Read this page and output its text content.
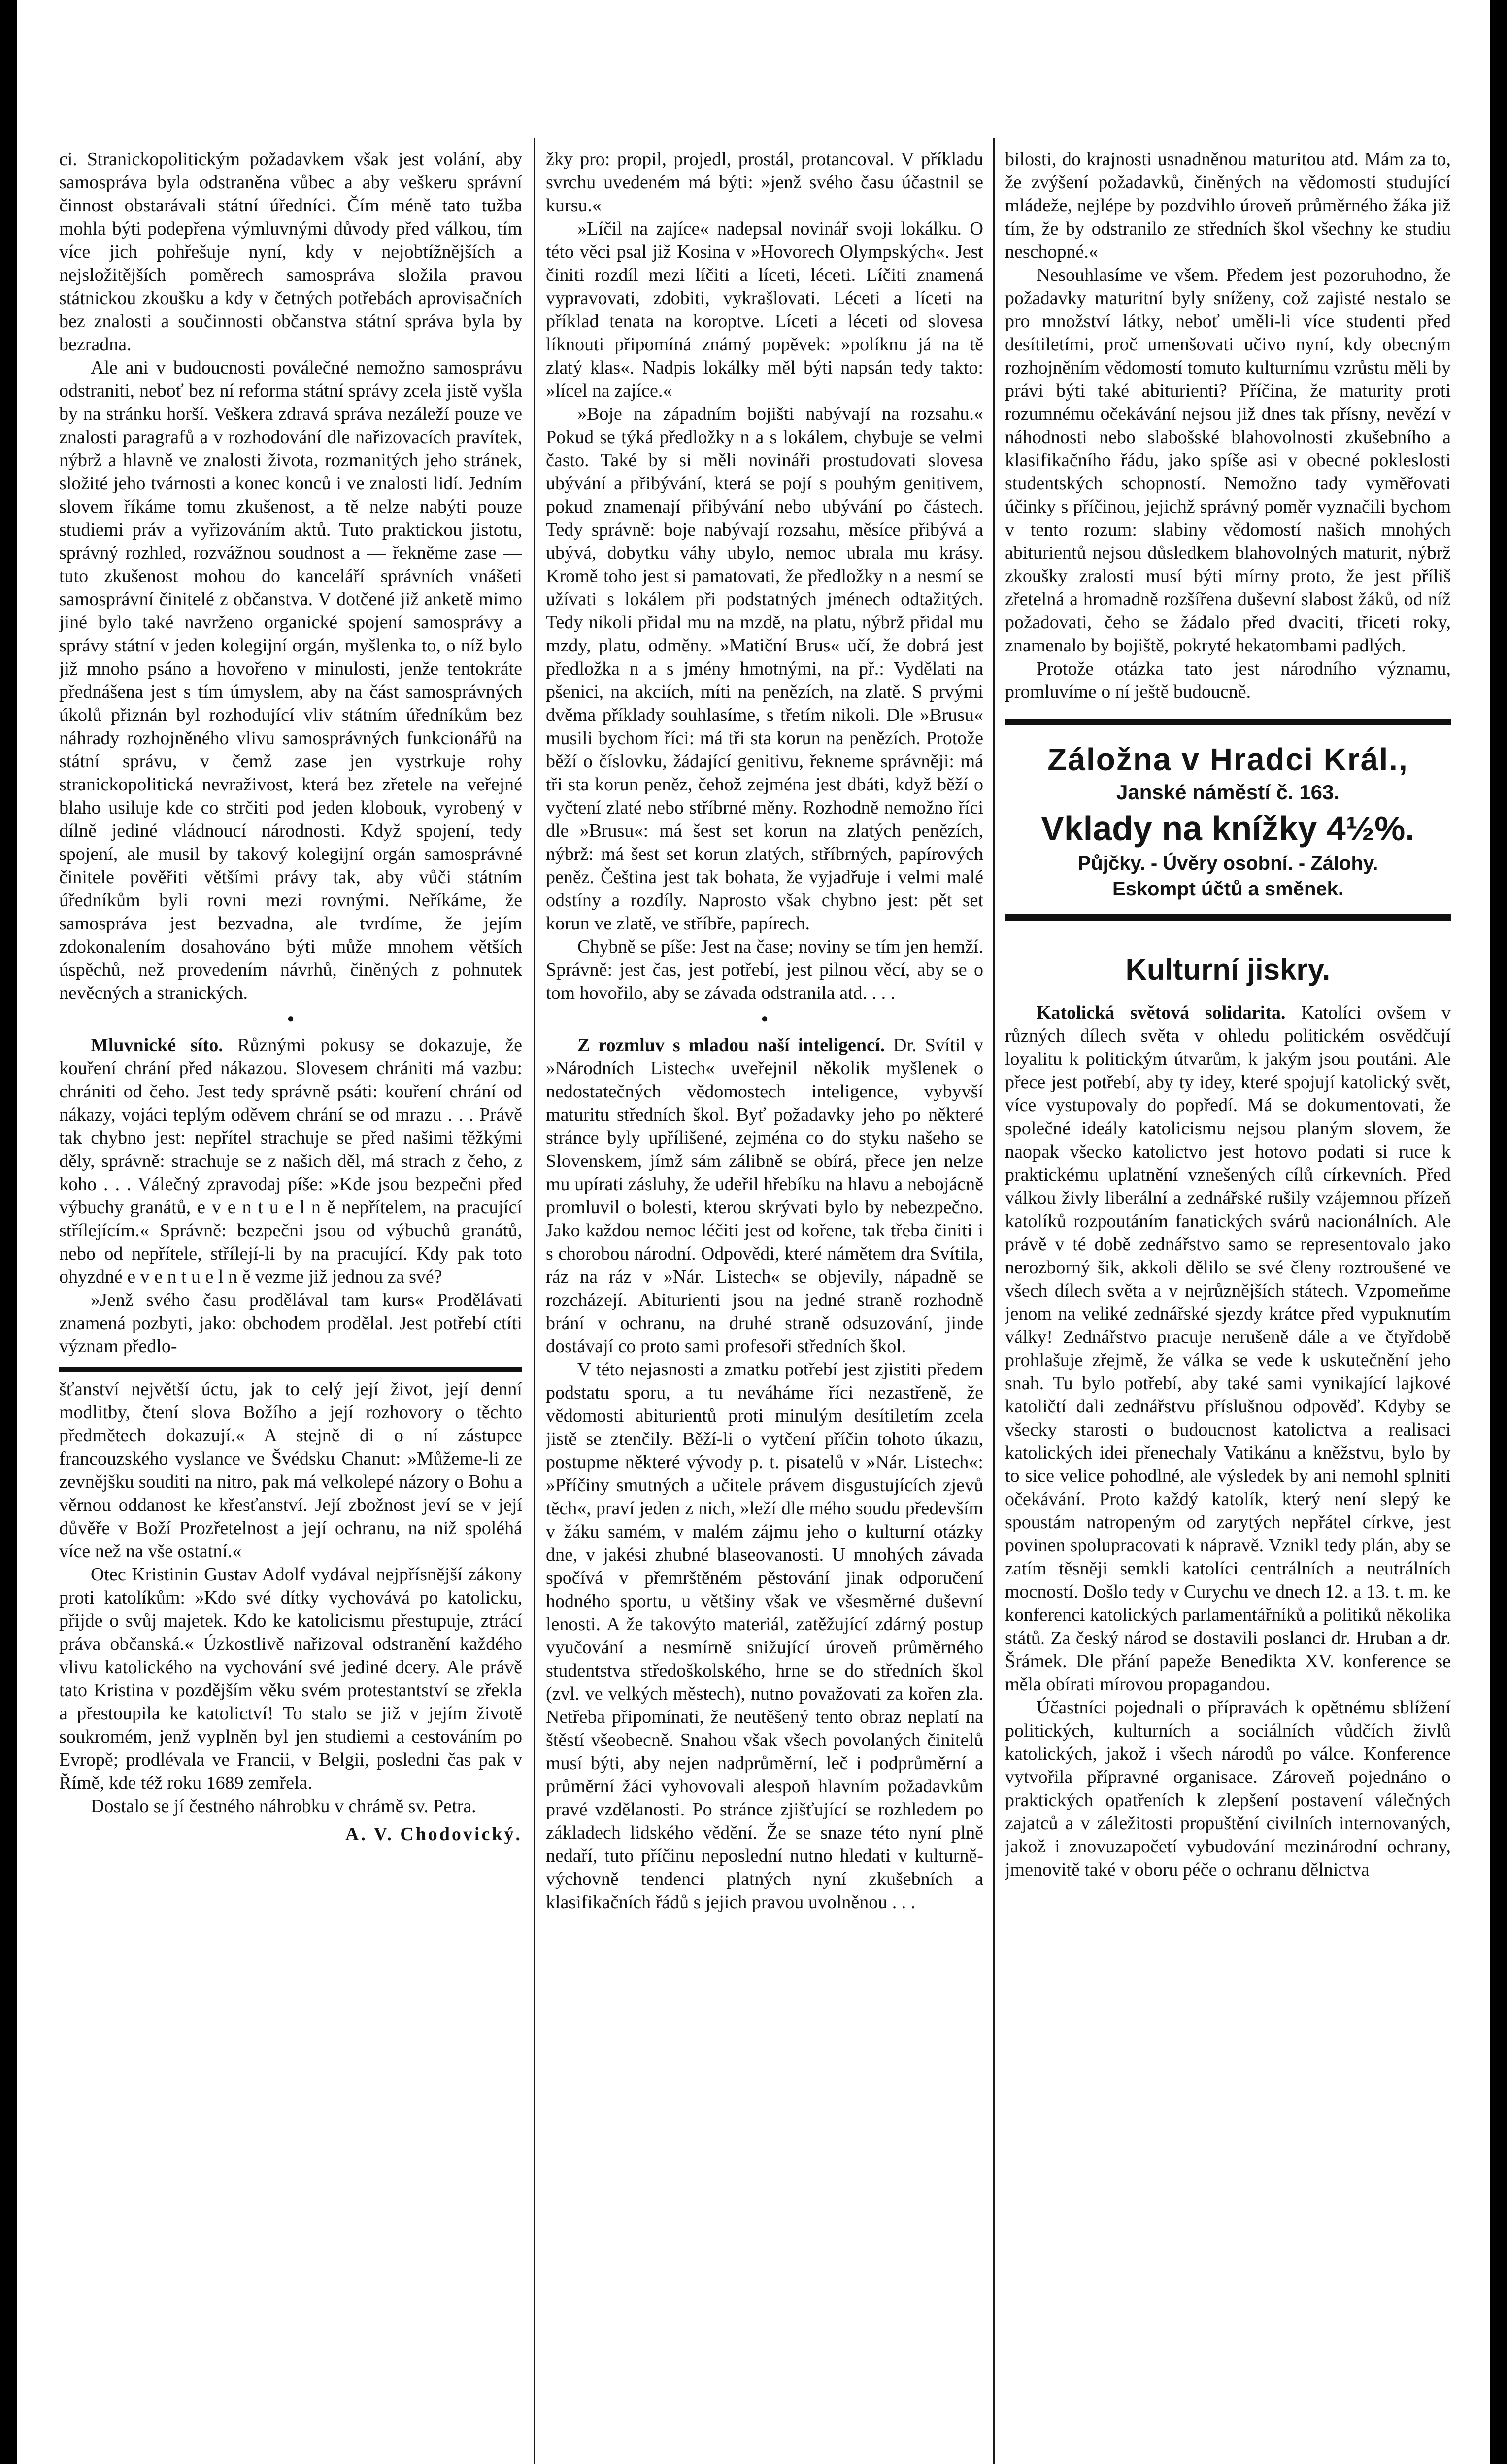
ci. Stranickopolitickým požadavkem však jest volání, aby samospráva byla odstraněna vůbec a aby veškeru správní činnost obstarávali státní úředníci. Čím méně tato tužba mohla býti podepřena výmluvnými důvody před válkou, tím více jich pohřešuje nyní, kdy v nejobtížnějších a nejsložitějších poměrech samospráva složila pravou státnickou zkoušku a kdy v četných potřebách aprovisačních bez znalosti a součinnosti občanstva státní správa byla by bezradna.

Ale ani v budoucnosti poválečné nemožno samosprávu odstraniti, neboť bez ní reforma státní správy zcela jistě vyšla by na stránku horší. Veškera zdravá správa nezáleží pouze ve znalosti paragrafů a v rozhodování dle nařizovacích pravítek, nýbrž a hlavně ve znalosti života, rozmanitých jeho stránek, složité jeho tvárnosti a konec konců i ve znalosti lidí. Jedním slovem říkáme tomu zkušenost, a tě nelze nabýti pouze studiemi práv a vyřizováním aktů. Tuto praktickou jistotu, správný rozhled, rozvážnou soudnost a — řekněme zase — tuto zkušenost mohou do kanceláří správních vnášeti samosprávní činitelé z občanstva. V dotčené již anketě mimo jiné bylo také navrženo organické spojení samosprávy a správy státní v jeden kolegijní orgán, myšlenka to, o níž bylo již mnoho psáno a hovořeno v minulosti, jenže tentokráte přednášena jest s tím úmyslem, aby na část samosprávných úkolů přiznán byl rozhodující vliv státním úředníkům bez náhrady rozhojněného vlivu samosprávných funkcionářů na státní správu, v čemž zase jen vystrkuje rohy stranickopolitická nevraživost, která bez zřetele na veřejné blaho usiluje kde co strčiti pod jeden klobouk, vyrobený v dílně jediné vládnoucí národnosti. Když spojení, tedy spojení, ale musil by takový kolegijní orgán samosprávné činitele pověřiti většími právy tak, aby vůči státním úředníkům byli rovni mezi rovnými. Neříkáme, že samospráva jest bezvadna, ale tvrdíme, že jejím zdokonalením dosahováno býti může mnohem větších úspěchů, než provedením návrhů, činěných z pohnutek nevěcných a stranických.

•

Mluvnické síto. Různými pokusy se dokazuje, že kouření chrání před nákazou. Slovesem chrániti má vazbu: chrániti od čeho. Jest tedy správně psáti: kouření chrání od nákazy, vojáci teplým oděvem chrání se od mrazu . . . Právě tak chybno jest: nepřítel strachuje se před našimi těžkými děly, správně: strachuje se z našich děl, má strach z čeho, z koho . . . Válečný zpravodaj píše: »Kde jsou bezpečni před výbuchy granátů, e v e n t u e l n ě nepřítelem, na pracující střílejícím.« Správně: bezpečni jsou od výbuchů granátů, nebo od nepřítele, střílejí-li by na pracující. Kdy pak toto ohyzdné e v e n t u e l n ě vezme již jednou za své?

»Jenž svého času prodělával tam kurs« Prodělávati znamená pozbyti, jako: obchodem prodělal. Jest potřebí ctíti význam předlo-

šťanství největší úctu, jak to celý její život, její denní modlitby, čtení slova Božího a její rozhovory o těchto předmětech dokazují.« A stejně di o ní zástupce francouzského vyslance ve Švédsku Chanut: »Můžeme-li ze zevnějšku souditi na nitro, pak má velkolepé názory o Bohu a věrnou oddanost ke křesťanství. Její zbožnost jeví se v její důvěře v Boží Prozřetelnost a její ochranu, na niž spoléhá více než na vše ostatní.«

Otec Kristinin Gustav Adolf vydával nejpřísnější zákony proti katolíkům: »Kdo své dítky vychovává po katolicku, přijde o svůj majetek. Kdo ke katolicismu přestupuje, ztrácí práva občanská.« Úzkostlivě nařizoval odstranění každého vlivu katolického na vychování své jediné dcery. Ale právě tato Kristina v pozdějším věku svém protestantství se zřekla a přestoupila ke katolictví! To stalo se již v jejím životě soukromém, jenž vyplněn byl jen studiemi a cestováním po Evropě; prodlévala ve Francii, v Belgii, posledni čas pak v Římě, kde též roku 1689 zemřela.

Dostalo se jí čestného náhrobku v chrámě sv. Petra.

A. V. Chodovický.

žky pro: propil, projedl, prostál, protancoval. V příkladu svrchu uvedeném má býti: »jenž svého času účastnil se kursu.«

»Líčil na zajíce« nadepsal novinář svoji lokálku. O této věci psal již Kosina v »Hovorech Olympských«. Jest činiti rozdíl mezi líčiti a líceti, léceti. Líčiti znamená vypravovati, zdobiti, vykrašlovati. Léceti a líceti na příklad tenata na koroptve. Líceti a léceti od slovesa líknouti připomíná známý popěvek: »políknu já na tě zlatý klas«. Nadpis lokálky měl býti napsán tedy takto: »lícel na zajíce.«

»Boje na západním bojišti nabývají na rozsahu.« Pokud se týká předložky n a s lokálem, chybuje se velmi často. Také by si měli novináři prostudovati slovesa ubývání a přibývání, která se pojí s pouhým genitivem, pokud znamenají přibývání nebo ubývání po částech. Tedy správně: boje nabývají rozsahu, měsíce přibývá a ubývá, dobytku váhy ubylo, nemoc ubrala mu krásy. Kromě toho jest si pamatovati, že předložky n a nesmí se užívati s lokálem při podstatných jménech odtažitých. Tedy nikoli přidal mu na mzdě, na platu, nýbrž přidal mu mzdy, platu, odměny. »Matiční Brus« učí, že dobrá jest předložka n a s jmény hmotnými, na př.: Vydělati na pšenici, na akciích, míti na penězích, na zlatě. S prvými dvěma příklady souhlasíme, s třetím nikoli. Dle »Brusu« musili bychom říci: má tři sta korun na penězích. Protože běží o číslovku, žádající genitivu, řekneme správněji: má tři sta korun peněz, čehož zejména jest dbáti, když běží o vyčtení zlaté nebo stříbrné měny. Rozhodně nemožno říci dle »Brusu«: má šest set korun na zlatých penězích, nýbrž: má šest set korun zlatých, stříbrných, papírových peněz. Čeština jest tak bohata, že vyjadřuje i velmi malé odstíny a rozdíly. Naprosto však chybno jest: pět set korun ve zlatě, ve stříbře, papírech.

Chybně se píše: Jest na čase; noviny se tím jen hemží. Správně: jest čas, jest potřebí, jest pilnou věcí, aby se o tom hovořilo, aby se závada odstranila atd. . . .

•

Z rozmluv s mladou naší inteligencí. Dr. Svítil v »Národních Listech« uveřejnil několik myšlenek o nedostatečných vědomostech inteligence, vybyvší maturitu středních škol. Byť požadavky jeho po některé stránce byly upřílišené, zejména co do styku našeho se Slovenskem, jímž sám zálibně se obírá, přece jen nelze mu upírati zásluhy, že udeřil hřebíku na hlavu a nebojácně promluvil o bolesti, kterou skrývati bylo by nebezpečno. Jako každou nemoc léčiti jest od kořene, tak třeba činiti i s chorobou národní. Odpovědi, které námětem dra Svítila, ráz na ráz v »Nár. Listech« se objevily, nápadně se rozcházejí. Abiturienti jsou na jedné straně rozhodně brání v ochranu, na druhé straně odsuzování, jinde dostávají co proto sami profesoři středních škol.

V této nejasnosti a zmatku potřebí jest zjistiti předem podstatu sporu, a tu neváháme říci nezastřeně, že vědomosti abiturientů proti minulým desítiletím zcela jistě se ztenčily. Běží-li o vytčení příčin tohoto úkazu, postupme některé vývody p. t. pisatelů v »Nár. Listech«: »Příčiny smutných a učitele právem disgustujících zjevů těch«, praví jeden z nich, »leží dle mého soudu především v žáku samém, v malém zájmu jeho o kulturní otázky dne, v jakési zhubné blaseovanosti. U mnohých závada spočívá v přemrštěném pěstování jinak odporučení hodného sportu, u většiny však ve všesměrné duševní lenosti. A že takovýto materiál, zatěžující zdárný postup vyučování a nesmírně snižující úroveň průměrného studentstva středoškolského, hrne se do středních škol (zvl. ve velkých městech), nutno považovati za kořen zla. Netřeba připomínati, že neutěšený tento obraz neplatí na štěstí všeobecně. Snahou však všech povolaných činitelů musí býti, aby nejen nadprůměrní, leč i podprůměrní a průměrní žáci vyhovovali alespoň hlavním požadavkům pravé vzdělanosti. Po stránce zjišťující se rozhledem po základech lidského vědění. Že se snaze této nyní plně nedaří, tuto příčinu neposlední nutno hledati v kulturně-výchovně tendenci platných nyní zkušebních a klasifikačních řádů s jejich pravou uvolněnou . . .

bilosti, do krajnosti usnadněnou maturitou atd. Mám za to, že zvýšení požadavků, činěných na vědomosti studující mládeže, nejlépe by pozdvihlo úroveň průměrného žáka již tím, že by odstranilo ze středních škol všechny ke studiu neschopné.«

Nesouhlasíme ve všem. Předem jest pozoruhodno, že požadavky maturitní byly sníženy, což zajisté nestalo se pro množství látky, neboť uměli-li více studenti před desítiletími, proč umenšovati učivo nyní, kdy obecným rozhojněním vědomostí tomuto kulturnímu vzrůstu měli by právi býti také abiturienti? Příčina, že maturity proti rozumnému očekávání nejsou již dnes tak přísny, nevězí v náhodnosti nebo slabošské blahovolnosti zkušebního a klasifikačního řádu, jako spíše asi v obecné pokleslosti studentských schopností. Nemožno tady vyměřovati účinky s příčinou, jejichž správný poměr vyznačili bychom v tento rozum: slabiny vědomostí našich mnohých abiturientů nejsou důsledkem blahovolných maturit, nýbrž zkoušky zralosti musí býti mírny proto, že jest příliš zřetelná a hromadně rozšířena duševní slabost žáků, od níž požadovati, čeho se žádalo před dvaciti, třiceti roky, znamenalo by bojiště, pokryté hekatombami padlých.

Protože otázka tato jest národního významu, promluvíme o ní ještě budoucně.

Záložna v Hradci Král.,
Janské náměstí č. 163.
Vklady na knížky 4½%.
Půjčky. - Úvěry osobní. - Zálohy.
Eskompt účtů a směnek.
Kulturní jiskry.

Katolická světová solidarita. Katolíci ovšem v různých dílech světa v ohledu politickém osvědčují loyalitu k politickým útvarům, k jakým jsou poutáni. Ale přece jest potřebí, aby ty idey, které spojují katolický svět, více vystupovaly do popředí. Má se dokumentovati, že společné ideály katolicismu nejsou planým slovem, že naopak všecko katolictvo jest hotovo podati si ruce k praktickému uplatnění vznešených cílů církevních. Před válkou živly liberální a zednářské rušily vzájemnou přízeň katolíků rozpoutáním fanatických svárů nacionálních. Ale právě v té době zednářstvo samo se representovalo jako nerozborný šik, akkoli dělilo se své členy roztroušené ve všech dílech světa a v nejrůznějších státech. Vzpomeňme jenom na veliké zednářské sjezdy krátce před vypuknutím války! Zednářstvo pracuje nerušeně dále a ve čtyřdobě prohlašuje zřejmě, že válka se vede k uskutečnění jeho snah. Tu bylo potřebí, aby také sami vynikající lajkové katoličtí dali zednářstvu příslušnou odpověď. Kdyby se všecky starosti o budoucnost katolictva a realisaci katolických idei přenechaly Vatikánu a kněžstvu, bylo by to sice velice pohodlné, ale výsledek by ani nemohl splniti očekávání. Proto každý katolík, který není slepý ke spoustám natropeným od zarytých nepřátel církve, jest povinen spolupracovati k nápravě. Vznikl tedy plán, aby se zatím těsněji semkli katolíci centrálních a neutrálních mocností. Došlo tedy v Curychu ve dnech 12. a 13. t. m. ke konferenci katolických parlamentářníků a politiků několika států. Za český národ se dostavili poslanci dr. Hruban a dr. Šrámek. Dle přání papeže Benedikta XV. konference se měla obírati mírovou propagandou.

Účastníci pojednali o přípravách k opětnému sblížení politických, kulturních a sociálních vůdčích živlů katolických, jakož i všech národů po válce. Konference vytvořila přípravné organisace. Zároveň pojednáno o praktických opatřeních k zlepšení postavení válečných zajatců a v záležitosti propuštění civilních internovaných, jakož i znovuzapočetí vybudování mezinárodní ochrany, jmenovitě také v oboru péče o ochranu dělnictva
